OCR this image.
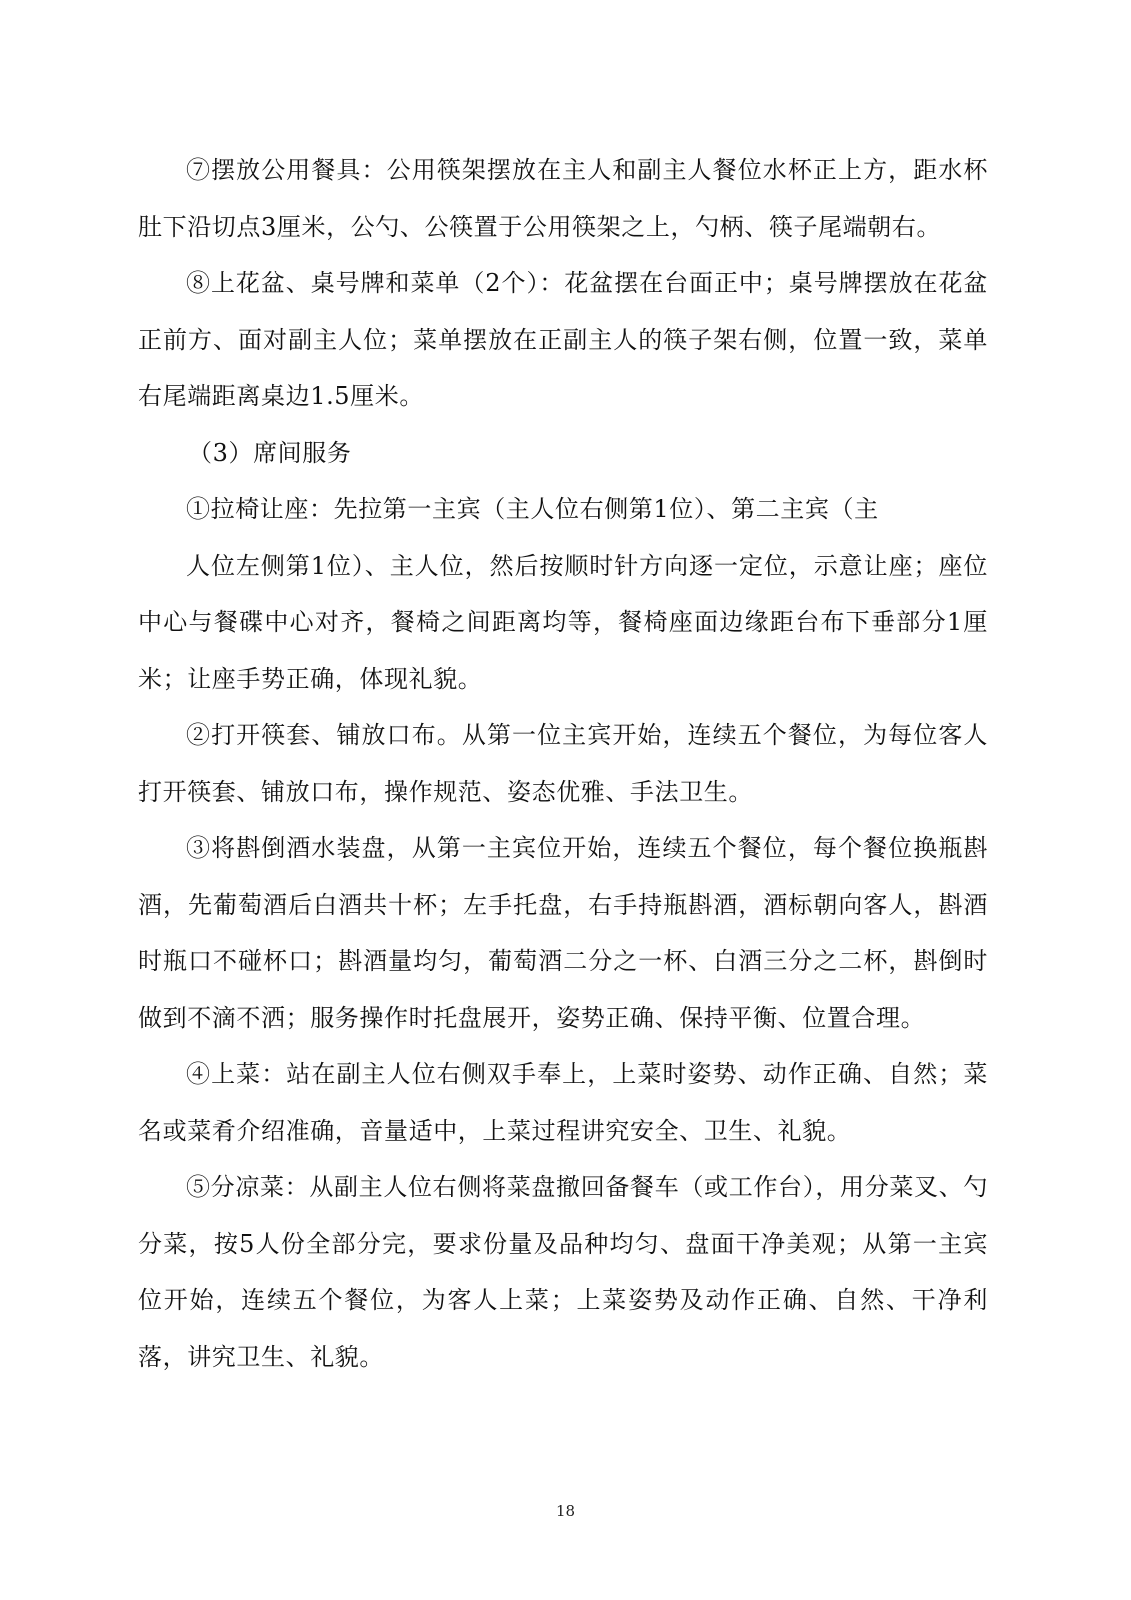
⑦摆放公用餐具：公用筷架摆放在主人和副主人餐位水杯正上方，距水杯肚下沿切点3厘米，公勺、公筷置于公用筷架之上，勺柄、筷子尾端朝右。

⑧上花盆、桌号牌和菜单（2个）：花盆摆在台面正中；桌号牌摆放在花盆正前方、面对副主人位；菜单摆放在正副主人的筷子架右侧，位置一致，菜单右尾端距离桌边1.5厘米。

（3）席间服务

①拉椅让座：先拉第一主宾（主人位右侧第1位）、第二主宾（主

人位左侧第1位）、主人位，然后按顺时针方向逐一定位，示意让座；座位中心与餐碟中心对齐，餐椅之间距离均等，餐椅座面边缘距台布下垂部分1厘米；让座手势正确，体现礼貌。

②打开筷套、铺放口布。从第一位主宾开始，连续五个餐位，为每位客人打开筷套、铺放口布，操作规范、姿态优雅、手法卫生。

③将斟倒酒水装盘，从第一主宾位开始，连续五个餐位，每个餐位换瓶斟酒，先葡萄酒后白酒共十杯；左手托盘，右手持瓶斟酒，酒标朝向客人，斟酒时瓶口不碰杯口；斟酒量均匀，葡萄酒二分之一杯、白酒三分之二杯，斟倒时做到不滴不洒；服务操作时托盘展开，姿势正确、保持平衡、位置合理。

④上菜：站在副主人位右侧双手奉上，上菜时姿势、动作正确、自然；菜名或菜肴介绍准确，音量适中，上菜过程讲究安全、卫生、礼貌。

⑤分凉菜：从副主人位右侧将菜盘撤回备餐车（或工作台），用分菜叉、勺分菜，按5人份全部分完，要求份量及品种均匀、盘面干净美观；从第一主宾位开始，连续五个餐位，为客人上菜；上菜姿势及动作正确、自然、干净利落，讲究卫生、礼貌。

18
